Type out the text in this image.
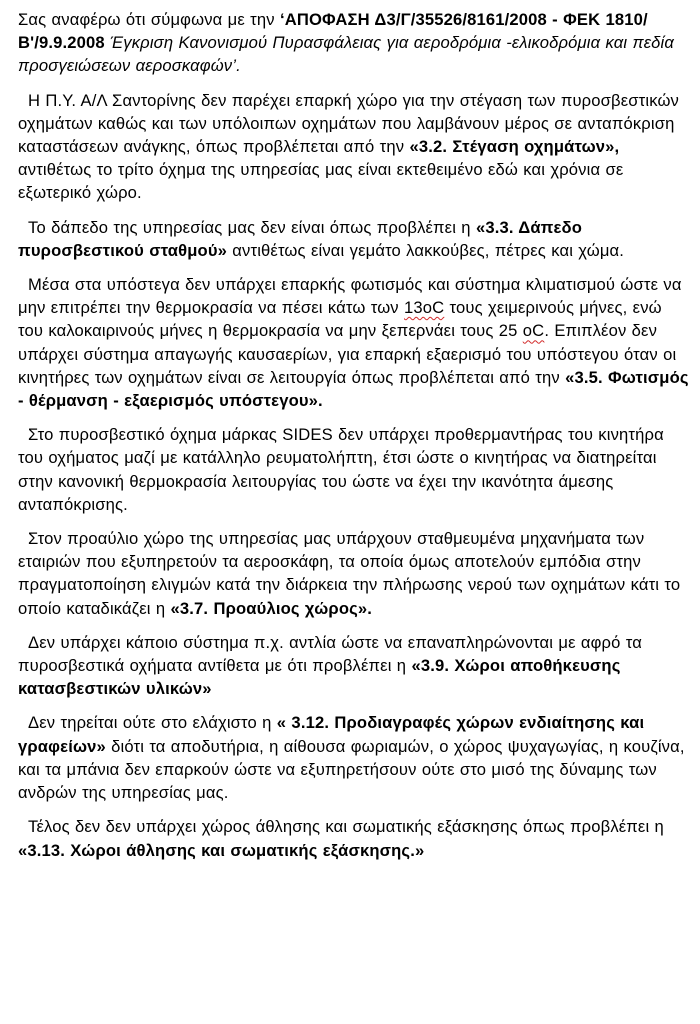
Σας αναφέρω ότι σύμφωνα με την ‘ΑΠΟΦΑΣΗ Δ3/Γ/35526/8161/2008 - ΦΕΚ 1810/Β'/9.9.2008 Έγκριση Κανονισμού Πυρασφάλειας για αεροδρόμια -ελικοδρόμια και πεδία προσγειώσεων αεροσκαφών’.

Η Π.Υ. Α/Λ Σαντορίνης δεν παρέχει επαρκή χώρο για την στέγαση των πυροσβεστικών οχημάτων καθώς και των υπόλοιπων οχημάτων που λαμβάνουν μέρος σε ανταπόκριση καταστάσεων ανάγκης, όπως προβλέπεται από την «3.2. Στέγαση οχημάτων», αντιθέτως το τρίτο όχημα της υπηρεσίας μας είναι εκτεθειμένο εδώ και χρόνια σε εξωτερικό χώρο.

Το δάπεδο της υπηρεσίας μας δεν είναι όπως προβλέπει η «3.3. Δάπεδο πυροσβεστικού σταθμού» αντιθέτως είναι γεμάτο λακκούβες, πέτρες και χώμα.

Μέσα στα υπόστεγα δεν υπάρχει επαρκής φωτισμός και σύστημα κλιματισμού ώστε να μην επιτρέπει την θερμοκρασία να πέσει κάτω των 13οC τους χειμερινούς μήνες, ενώ του καλοκαιρινούς μήνες η θερμοκρασία να μην ξεπερνάει τους 25 οC. Επιπλέον δεν υπάρχει σύστημα απαγωγής καυσαερίων, για επαρκή εξαερισμό του υπόστεγου όταν οι κινητήρες των οχημάτων είναι σε λειτουργία όπως προβλέπεται από την «3.5. Φωτισμός - θέρμανση - εξαερισμός υπόστεγου».

Στο πυροσβεστικό όχημα μάρκας SIDES δεν υπάρχει προθερμαντήρας του κινητήρα του οχήματος μαζί με κατάλληλο ρευματολήπτη, έτσι ώστε ο κινητήρας να διατηρείται στην κανονική θερμοκρασία λειτουργίας του ώστε να έχει την ικανότητα άμεσης ανταπόκρισης.

Στον προαύλιο χώρο της υπηρεσίας μας υπάρχουν σταθμευμένα μηχανήματα των εταιριών που εξυπηρετούν τα αεροσκάφη, τα οποία όμως αποτελούν εμπόδια στην πραγματοποίηση ελιγμών κατά την διάρκεια την πλήρωσης νερού των οχημάτων κάτι το οποίο καταδικάζει η «3.7. Προαύλιος χώρος».

Δεν υπάρχει κάποιο σύστημα π.χ. αντλία ώστε να επαναπληρώνονται με αφρό τα πυροσβεστικά οχήματα αντίθετα με ότι προβλέπει η «3.9. Χώροι αποθήκευσης κατασβεστικών υλικών»

Δεν τηρείται ούτε στο ελάχιστο η « 3.12. Προδιαγραφές χώρων ενδιαίτησης και γραφείων» διότι τα αποδυτήρια, η αίθουσα φωριαμών, ο χώρος ψυχαγωγίας, η κουζίνα, και τα μπάνια δεν επαρκούν ώστε να εξυπηρετήσουν ούτε στο μισό της δύναμης των ανδρών της υπηρεσίας μας.

Τέλος δεν δεν υπάρχει χώρος άθλησης και σωματικής εξάσκησης όπως προβλέπει η «3.13. Χώροι άθλησης και σωματικής εξάσκησης.»
